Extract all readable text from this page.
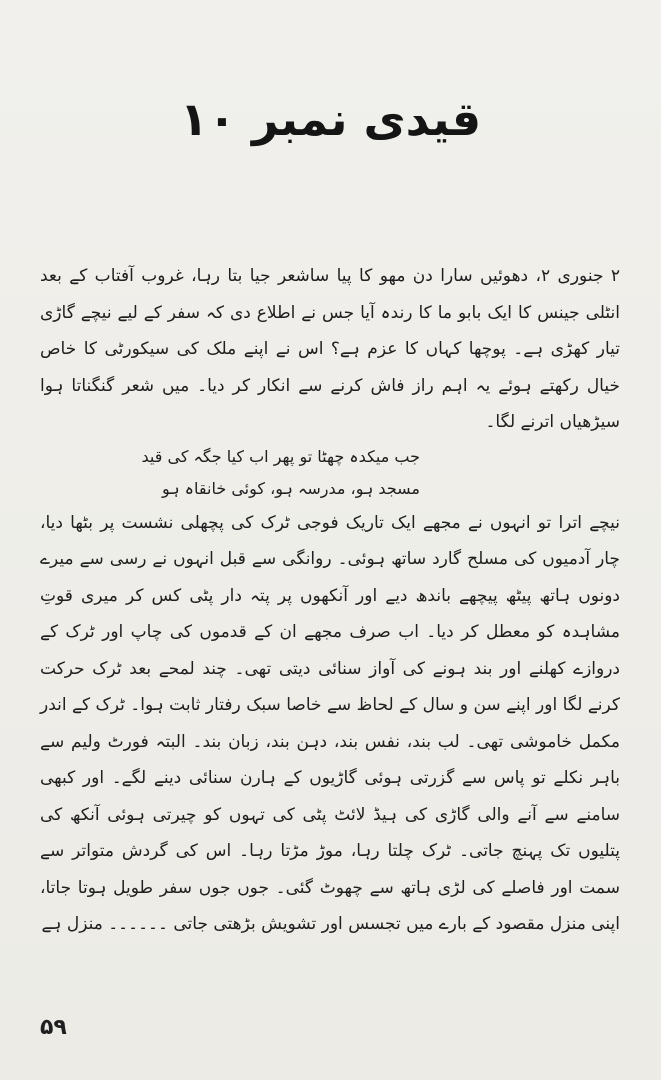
قیدی نمبر ۱۰

۲ جنوری ۲، دھوئیں سارا دن مھو کا پیا ساشعر جیا بتا رہا، غروب آفتاب کے بعد انٹلی جینس کا ایک بابو ما کا رندہ آیا جس نے اطلاع دی کہ سفر کے لیے نیچے گاڑی تیار کھڑی ہے۔ پوچھا کہاں کا عزم ہے؟ اس نے اپنے ملک کی سیکورٹی کا خاص خیال رکھتے ہوئے یہ اہم راز فاش کرنے سے انکار کر دیا۔ میں شعر گنگناتا ہوا سیڑھیاں اترنے لگا۔

جب میکدہ چھٹا تو پھر اب کیا جگہ کی قید
مسجد ہو، مدرسہ ہو، کوئی خانقاہ ہو

نیچے اترا تو انہوں نے مجھے ایک تاریک فوجی ٹرک کی پچھلی نشست پر بٹھا دیا، چار آدمیوں کی مسلح گارد ساتھ ہوئی۔ روانگی سے قبل انہوں نے رسی سے میرے دونوں ہاتھ پیٹھ پیچھے باندھ دیے اور آنکھوں پر پتہ دار پٹی کس کر میری قوتِ مشاہدہ کو معطل کر دیا۔ اب صرف مجھے ان کے قدموں کی چاپ اور ٹرک کے دروازے کھلنے اور بند ہونے کی آواز سنائی دیتی تھی۔ چند لمحے بعد ٹرک حرکت کرنے لگا اور اپنے سن و سال کے لحاظ سے خاصا سبک رفتار ثابت ہوا۔ ٹرک کے اندر مکمل خاموشی تھی۔ لب بند، نفس بند، دہن بند، زبان بند۔ البتہ فورٹ ولیم سے باہر نکلے تو پاس سے گزرتی ہوئی گاڑیوں کے ہارن سنائی دینے لگے۔ اور کبھی سامنے سے آنے والی گاڑی کی ہیڈ لائٹ پٹی کی تہوں کو چیرتی ہوئی آنکھ کی پتلیوں تک پہنچ جاتی۔ ٹرک چلتا رہا، موڑ مڑتا رہا۔ اس کی گردش متواتر سے سمت اور فاصلے کی لڑی ہاتھ سے چھوٹ گئی۔ جوں جوں سفر طویل ہوتا جاتا، اپنی منزل مقصود کے بارے میں تجسس اور تشویش بڑھتی جاتی ۔۔۔۔۔۔ منزل ہے

۵۹
